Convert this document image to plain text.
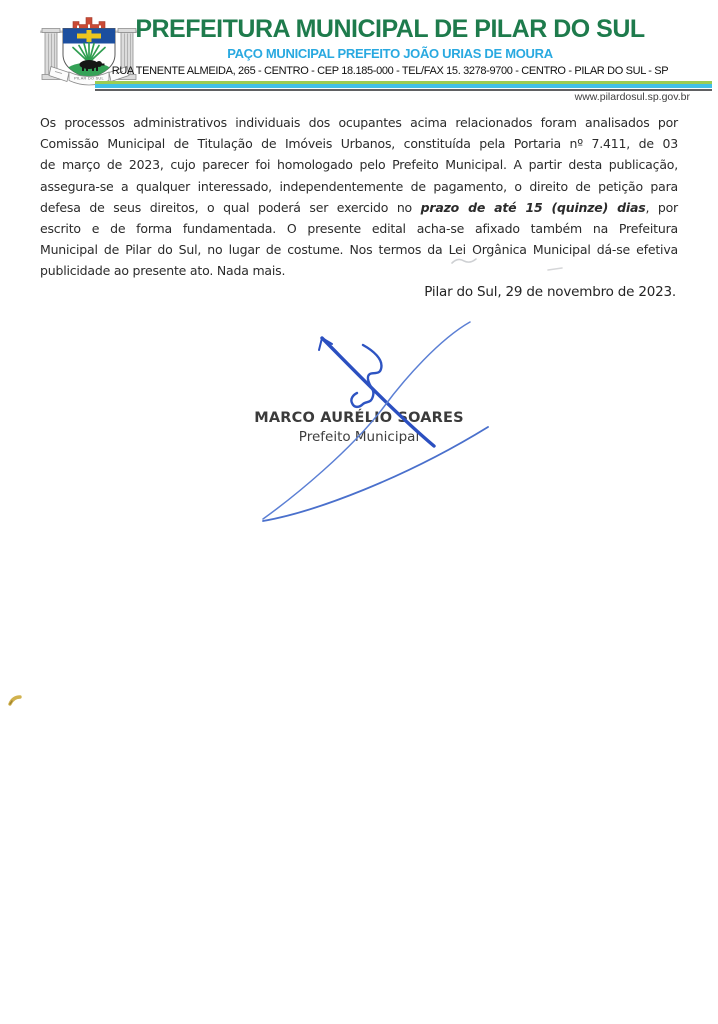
PILAR DO SUL
PREFEITURA MUNICIPAL DE PILAR DO SUL
PAÇO MUNICIPAL PREFEITO JOÃO URIAS DE MOURA
RUA TENENTE ALMEIDA, 265 - CENTRO - CEP 18.185-000 - TEL/FAX 15. 3278-9700 - CENTRO - PILAR DO SUL - SP
www.pilardosul.sp.gov.br
Os processos administrativos individuais dos ocupantes acima relacionados foram analisados por
Comissão Municipal de Titulação de Imóveis Urbanos, constituída pela Portaria nº 7.411, de 03
de março de 2023, cujo parecer foi homologado pelo Prefeito Municipal. A partir desta publicação,
assegura-se a qualquer interessado, independentemente de pagamento, o direito de petição para
defesa de seus direitos, o qual poderá ser exercido no prazo de até 15 (quinze) dias, por
escrito e de forma fundamentada. O presente edital acha-se afixado também na Prefeitura
Municipal de Pilar do Sul, no lugar de costume. Nos termos da Lei Orgânica Municipal dá-se efetiva
publicidade ao presente ato. Nada mais.
Pilar do Sul, 29 de novembro de 2023.
MARCO AURÉLIO SOARES
Prefeito Municipal
